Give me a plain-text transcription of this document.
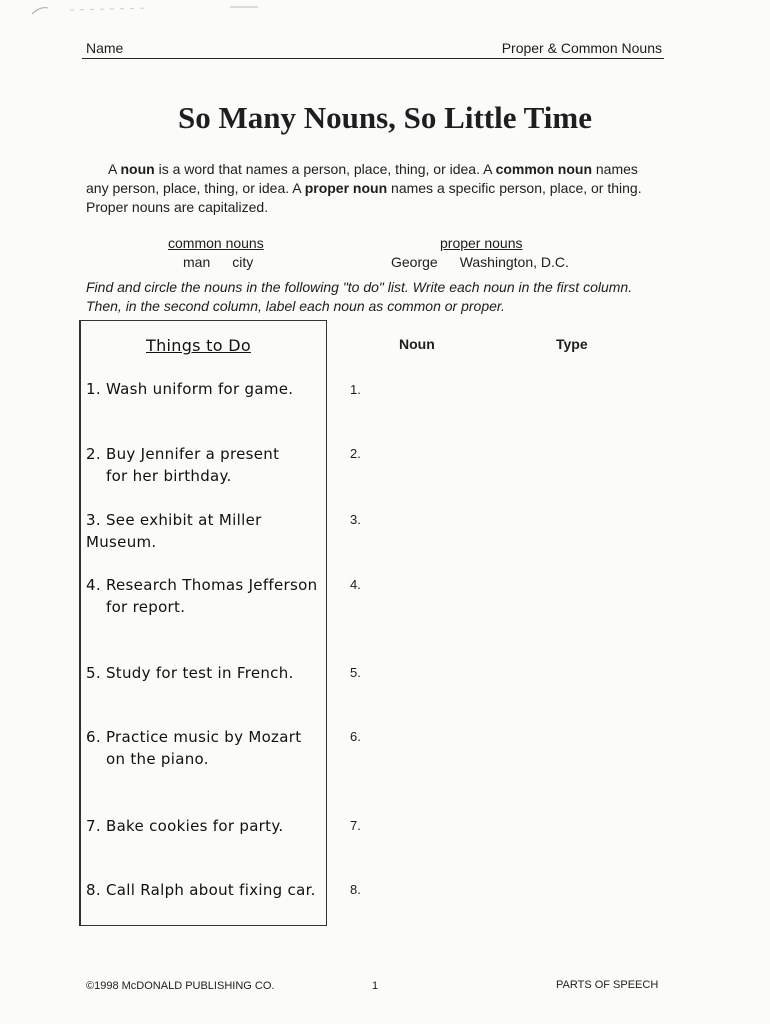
Name	Proper & Common Nouns
So Many Nouns, So Little Time

A noun is a word that names a person, place, thing, or idea. A common noun names any person, place, thing, or idea. A proper noun names a specific person, place, or thing. Proper nouns are capitalized.

common nouns
man city
proper nouns
George Washington, D.C.
Find and circle the nouns in the following "to do" list. Write each noun in the first column. Then, in the second column, label each noun as common or proper.
Things to Do
1. Wash uniform for game.
2. Buy Jennifer a present
for her birthday.
3. See exhibit at Miller Museum.
4. Research Thomas Jefferson
for report.
5. Study for test in French.
6. Practice music by Mozart
on the piano.
7. Bake cookies for party.
8. Call Ralph about fixing car.
Noun	Type
1.
2.
3.
4.
5.
6.
7.
8.
©1998 McDONALD PUBLISHING CO.	1	PARTS OF SPEECH
